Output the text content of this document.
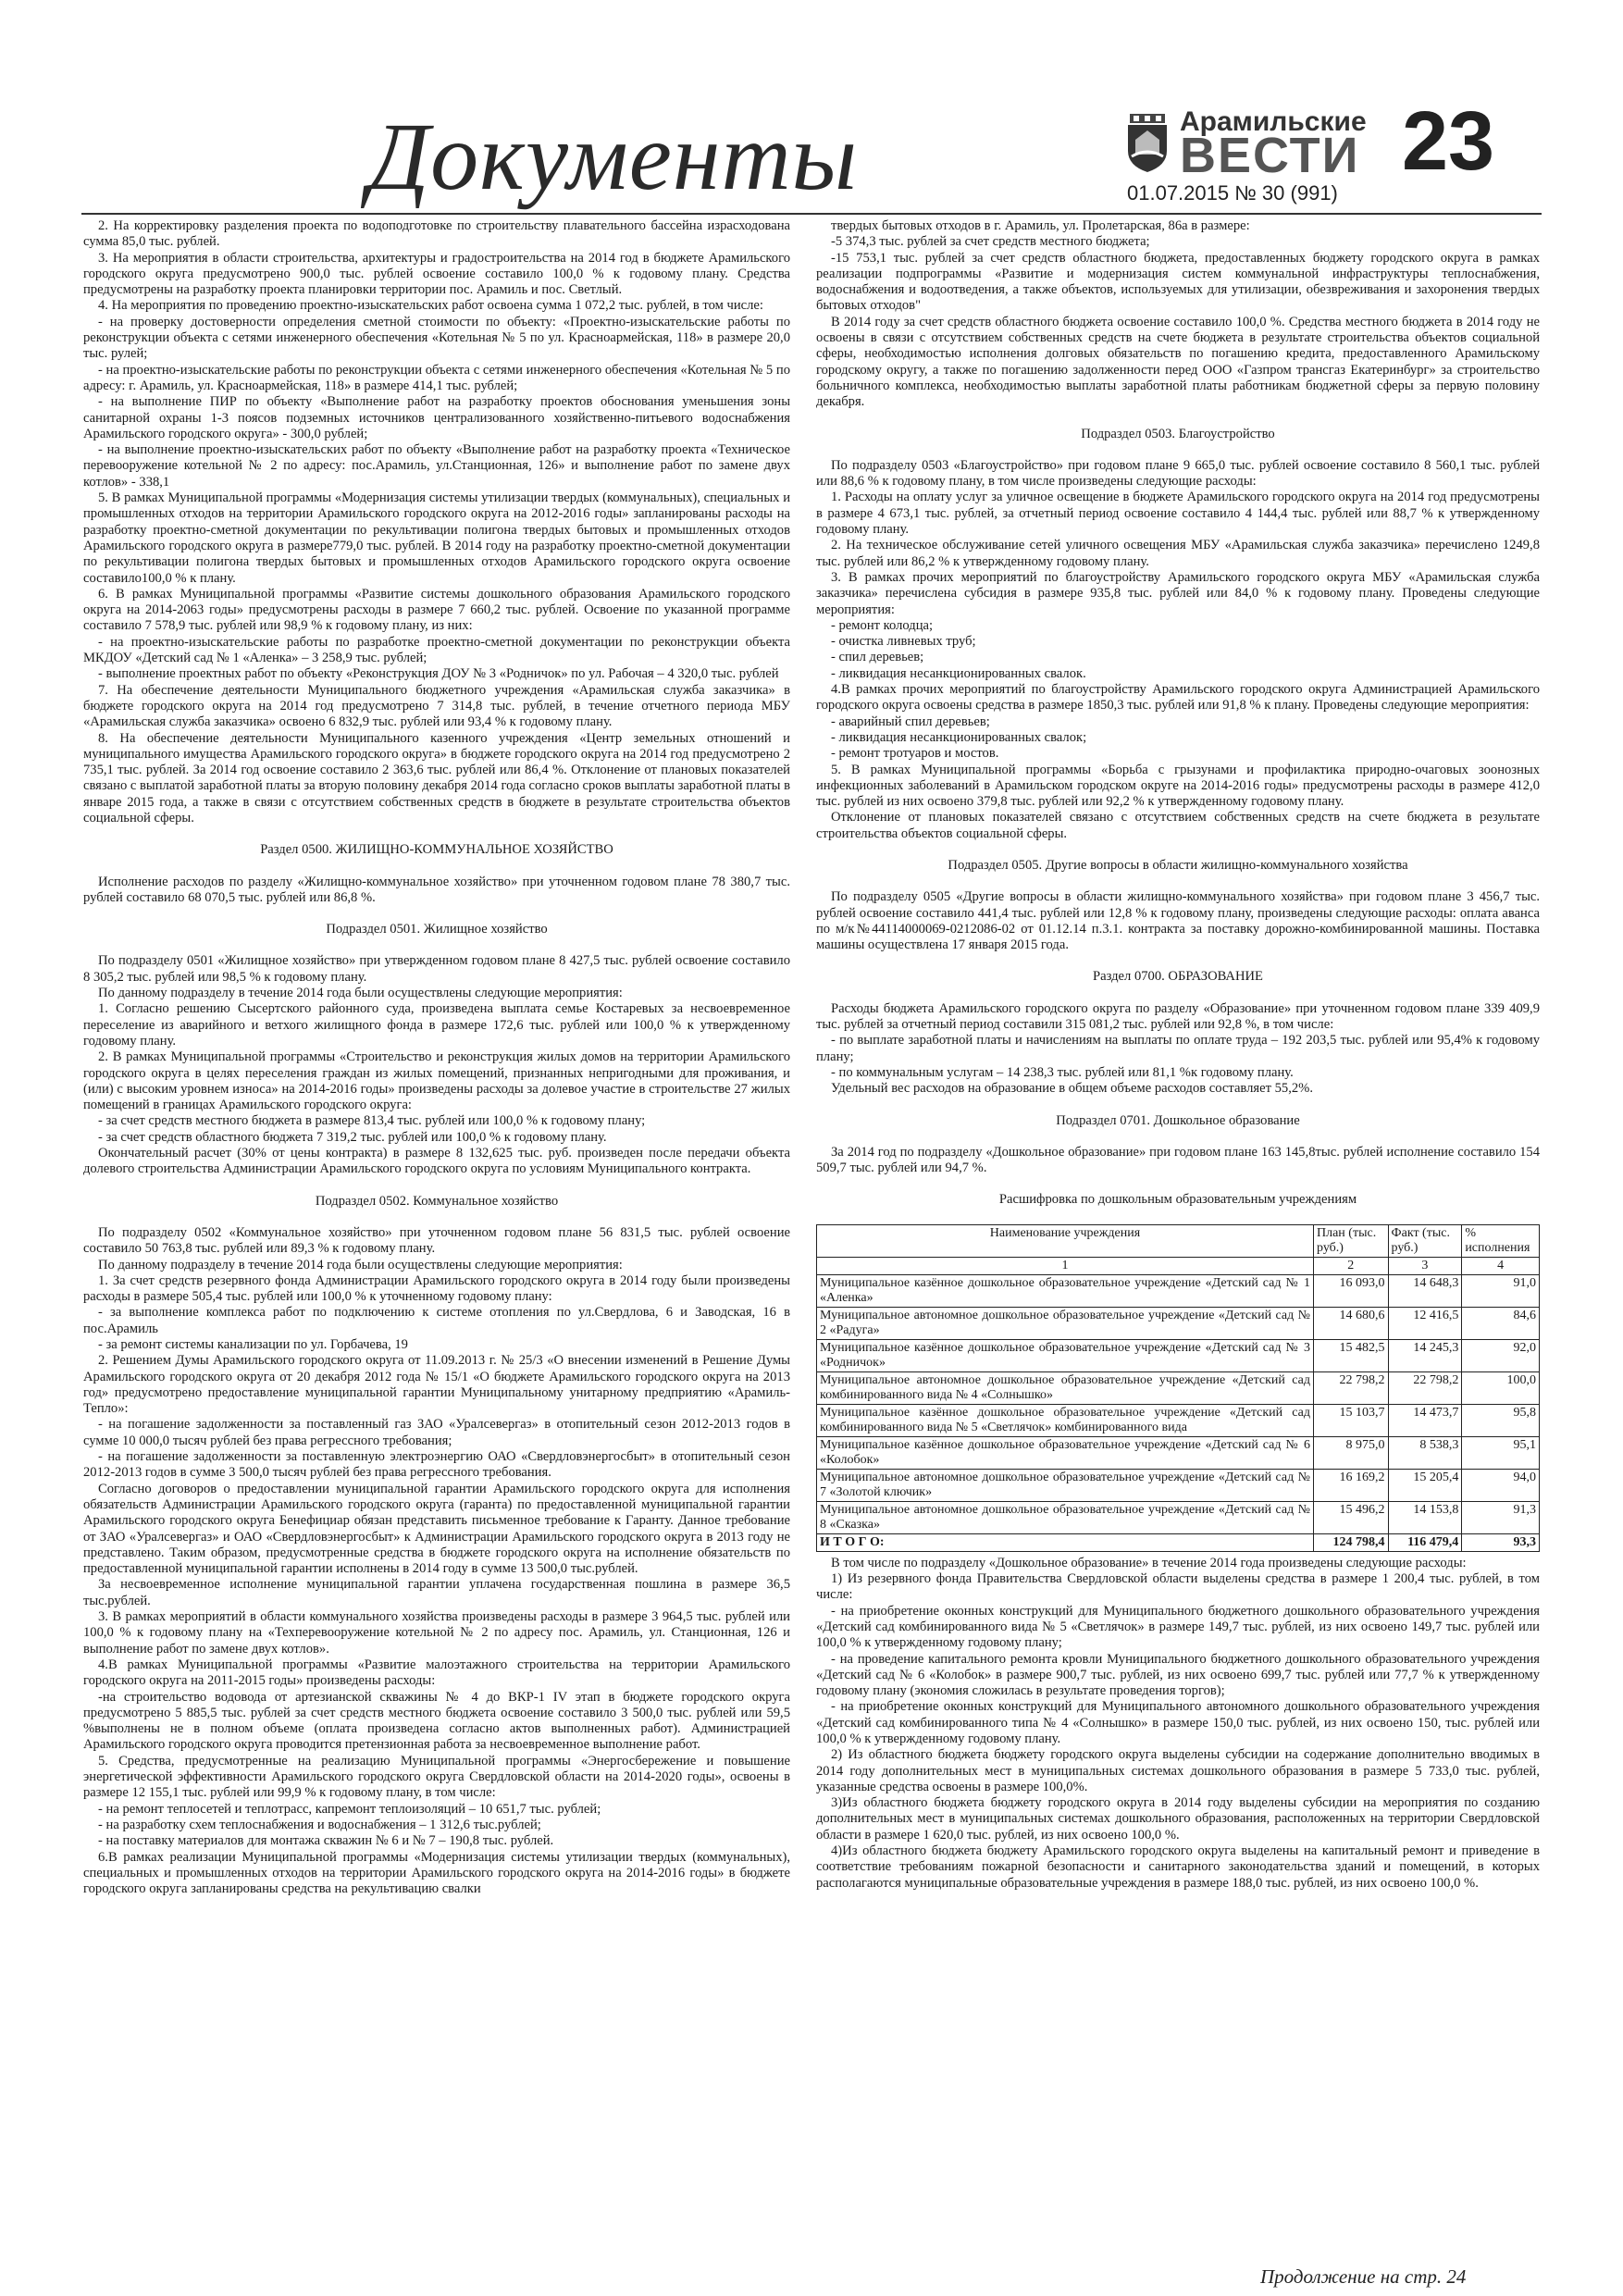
Документы	Арамильские
ВЕСТИ 23
01.07.2015 № 30 (991)

2. На корректировку разделения проекта по водоподготовке по строительству плавательного бассейна израсходована сумма 85,0 тыс. рублей.

3. На мероприятия в области строительства, архитектуры и градостроительства на 2014 год в бюджете Арамильского городского округа предусмотрено 900,0 тыс. рублей освоение составило 100,0 % к годовому плану. Средства предусмотрены на разработку проекта планировки территории пос. Арамиль и пос. Светлый.

4. На мероприятия по проведению проектно-изыскательских работ освоена сумма 1 072,2 тыс. рублей, в том числе:

- на проверку достоверности определения сметной стоимости по объекту: «Проектно-изыскательские работы по реконструкции объекта с сетями инженерного обеспечения «Котельная № 5 по ул. Красноармейская, 118» в размере 20,0 тыс. рулей;

- на проектно-изыскательские работы по реконструкции объекта с сетями инженерного обеспечения «Котельная № 5 по адресу: г. Арамиль, ул. Красноармейская, 118» в размере 414,1 тыс. рублей;

- на выполнение ПИР по объекту «Выполнение работ на разработку проектов обоснования уменьшения зоны санитарной охраны 1-3 поясов подземных источников централизованного хозяйственно-питьевого водоснабжения Арамильского городского округа» - 300,0 рублей;

- на выполнение проектно-изыскательских работ по объекту «Выполнение работ на разработку проекта «Техническое перевооружение котельной № 2 по адресу: пос.Арамиль, ул.Станционная, 126» и выполнение работ по замене двух котлов» - 338,1

5. В рамках Муниципальной программы «Модернизация системы утилизации твердых (коммунальных), специальных и промышленных отходов на территории Арамильского городского округа на 2012-2016 годы» запланированы расходы на разработку проектно-сметной документации по рекультивации полигона твердых бытовых и промышленных отходов Арамильского городского округа в размере779,0 тыс. рублей. В 2014 году на разработку проектно-сметной документации по рекультивации полигона твердых бытовых и промышленных отходов Арамильского городского округа освоение составило100,0 % к плану.

6. В рамках Муниципальной программы «Развитие системы дошкольного образования Арамильского городского округа на 2014-2063 годы» предусмотрены расходы в размере 7 660,2 тыс. рублей. Освоение по указанной программе составило 7 578,9 тыс. рублей или 98,9 % к годовому плану, из них:

- на проектно-изыскательские работы по разработке проектно-сметной документации по реконструкции объекта МКДОУ «Детский сад № 1 «Аленка» – 3 258,9 тыс. рублей;

- выполнение проектных работ по объекту «Реконструкция ДОУ № 3 «Родничок» по ул. Рабочая – 4 320,0 тыс. рублей

7. На обеспечение деятельности Муниципального бюджетного учреждения «Арамильская служба заказчика» в бюджете городского округа на 2014 год предусмотрено 7 314,8 тыс. рублей, в течение отчетного периода МБУ «Арамильская служба заказчика» освоено 6 832,9 тыс. рублей или 93,4 % к годовому плану.

8. На обеспечение деятельности Муниципального казенного учреждения «Центр земельных отношений и муниципального имущества Арамильского городского округа» в бюджете городского округа на 2014 год предусмотрено 2 735,1 тыс. рублей. За 2014 год освоение составило 2 363,6 тыс. рублей или 86,4 %. Отклонение от плановых показателей связано с выплатой заработной платы за вторую половину декабря 2014 года согласно сроков выплаты заработной платы в январе 2015 года, а также в связи с отсутствием собственных средств в бюджете в результате строительства объектов социальной сферы.

Раздел 0500. ЖИЛИЩНО-КОММУНАЛЬНОЕ ХОЗЯЙСТВО

Исполнение расходов по разделу «Жилищно-коммунальное хозяйство» при уточненном годовом плане 78 380,7 тыс. рублей составило 68 070,5 тыс. рублей или 86,8 %.

Подраздел 0501. Жилищное хозяйство

По подразделу 0501 «Жилищное хозяйство» при утвержденном годовом плане 8 427,5 тыс. рублей освоение составило 8 305,2 тыс. рублей или 98,5 % к годовому плану.

По данному подразделу в течение 2014 года были осуществлены следующие мероприятия:

1. Согласно решению Сысертского районного суда, произведена выплата семье Костаревых за несвоевременное переселение из аварийного и ветхого жилищного фонда в размере 172,6 тыс. рублей или 100,0 % к утвержденному годовому плану.

2. В рамках Муниципальной программы «Строительство и реконструкция жилых домов на территории Арамильского городского округа в целях переселения граждан из жилых помещений, признанных непригодными для проживания, и (или) с высоким уровнем износа» на 2014-2016 годы» произведены расходы за долевое участие в строительстве 27 жилых помещений в границах Арамильского городского округа:

- за счет средств местного бюджета в размере 813,4 тыс. рублей или 100,0 % к годовому плану;

- за счет средств областного бюджета 7 319,2 тыс. рублей или 100,0 % к годовому плану.

Окончательный расчет (30% от цены контракта) в размере 8 132,625 тыс. руб. произведен после передачи объекта долевого строительства Администрации Арамильского городского округа по условиям Муниципального контракта.

Подраздел 0502. Коммунальное хозяйство

По подразделу 0502 «Коммунальное хозяйство» при уточненном годовом плане 56 831,5 тыс. рублей освоение составило 50 763,8 тыс. рублей или 89,3 % к годовому плану.

По данному подразделу в течение 2014 года были осуществлены следующие мероприятия:

1. За счет средств резервного фонда Администрации Арамильского городского округа в 2014 году были произведены расходы в размере 505,4 тыс. рублей или 100,0 % к уточненному годовому плану:

- за выполнение комплекса работ по подключению к системе отопления по ул.Свердлова, 6 и Заводская, 16 в пос.Арамиль

- за ремонт системы канализации по ул. Горбачева, 19

2. Решением Думы Арамильского городского округа от 11.09.2013 г. № 25/3 «О внесении изменений в Решение Думы Арамильского городского округа от 20 декабря 2012 года № 15/1 «О бюджете Арамильского городского округа на 2013 год» предусмотрено предоставление муниципальной гарантии Муниципальному унитарному предприятию «Арамиль-Тепло»:

- на погашение задолженности за поставленный газ ЗАО «Уралсевергаз» в отопительный сезон 2012-2013 годов в сумме 10 000,0 тысяч рублей без права регрессного требования;

- на погашение задолженности за поставленную электроэнергию ОАО «Свердловэнергосбыт» в отопительный сезон 2012-2013 годов в сумме 3 500,0 тысяч рублей без права регрессного требования.

Согласно договоров о предоставлении муниципальной гарантии Арамильского городского округа для исполнения обязательств Администрации Арамильского городского округа (гаранта) по предоставленной муниципальной гарантии Арамильского городского округа Бенефициар обязан представить письменное требование к Гаранту. Данное требование от ЗАО «Уралсевергаз» и ОАО «Свердловэнергосбыт» к Администрации Арамильского городского округа в 2013 году не представлено. Таким образом, предусмотренные средства в бюджете городского округа на исполнение обязательств по предоставленной муниципальной гарантии исполнены в 2014 году в сумме 13 500,0 тыс.рублей.

За несвоевременное исполнение муниципальной гарантии уплачена государственная пошлина в размере 36,5 тыс.рублей.

3. В рамках мероприятий в области коммунального хозяйства произведены расходы в размере 3 964,5 тыс. рублей или 100,0 % к годовому плану на «Техперевооружение котельной № 2 по адресу пос. Арамиль, ул. Станционная, 126 и выполнение работ по замене двух котлов».

4.В рамках Муниципальной программы «Развитие малоэтажного строительства на территории Арамильского городского округа на 2011-2015 годы» произведены расходы:

-на строительство водовода от артезианской скважины № 4 до ВКР-1 IV этап в бюджете городского округа предусмотрено 5 885,5 тыс. рублей за счет средств местного бюджета освоение составило 3 500,0 тыс. рублей или 59,5 %выполнены не в полном объеме (оплата произведена согласно актов выполненных работ). Администрацией Арамильского городского округа проводится претензионная работа за несвоевременное выполнение работ.

5. Средства, предусмотренные на реализацию Муниципальной программы «Энергосбережение и повышение энергетической эффективности Арамильского городского округа Свердловской области на 2014-2020 годы», освоены в размере 12 155,1 тыс. рублей или 99,9 % к годовому плану, в том числе:

- на ремонт теплосетей и теплотрасс, капремонт теплоизоляций – 10 651,7 тыс. рублей;

- на разработку схем теплоснабжения и водоснабжения – 1 312,6 тыс.рублей;

- на поставку материалов для монтажа скважин № 6 и № 7 – 190,8 тыс. рублей.

6.В рамках реализации Муниципальной программы «Модернизация системы утилизации твердых (коммунальных), специальных и промышленных отходов на территории Арамильского городского округа на 2014-2016 годы» в бюджете городского округа запланированы средства на рекультивацию свалки

твердых бытовых отходов в г. Арамиль, ул. Пролетарская, 86а в размере:

-5 374,3 тыс. рублей за счет средств местного бюджета;

-15 753,1 тыс. рублей за счет средств областного бюджета, предоставленных бюджету городского округа в рамках реализации подпрограммы «Развитие и модернизация систем коммунальной инфраструктуры теплоснабжения, водоснабжения и водоотведения, а также объектов, используемых для утилизации, обезвреживания и захоронения твердых бытовых отходов"

В 2014 году за счет средств областного бюджета освоение составило 100,0 %. Средства местного бюджета в 2014 году не освоены в связи с отсутствием собственных средств на счете бюджета в результате строительства объектов социальной сферы, необходимостью исполнения долговых обязательств по погашению кредита, предоставленного Арамильскому городскому округу, а также по погашению задолженности перед ООО «Газпром трансгаз Екатеринбург» за строительство больничного комплекса, необходимостью выплаты заработной платы работникам бюджетной сферы за первую половину декабря.

Подраздел 0503. Благоустройство

По подразделу 0503 «Благоустройство» при годовом плане 9 665,0 тыс. рублей освоение составило 8 560,1 тыс. рублей или 88,6 % к годовому плану, в том числе произведены следующие расходы:

1. Расходы на оплату услуг за уличное освещение в бюджете Арамильского городского округа на 2014 год предусмотрены в размере 4 673,1 тыс. рублей, за отчетный период освоение составило 4 144,4 тыс. рублей или 88,7 % к утвержденному годовому плану.

2. На техническое обслуживание сетей уличного освещения МБУ «Арамильская служба заказчика» перечислено 1249,8 тыс. рублей или 86,2 % к утвержденному годовому плану.

3. В рамках прочих мероприятий по благоустройству Арамильского городского округа МБУ «Арамильская служба заказчика» перечислена субсидия в размере 935,8 тыс. рублей или 84,0 % к годовому плану. Проведены следующие мероприятия:

- ремонт колодца;

- очистка ливневых труб;

- спил деревьев;

- ликвидация несанкционированных свалок.

4.В рамках прочих мероприятий по благоустройству Арамильского городского округа Администрацией Арамильского городского округа освоены средства в размере 1850,3 тыс. рублей или 91,8 % к плану. Проведены следующие мероприятия:

- аварийный спил деревьев;

- ликвидация несанкционированных свалок;

- ремонт тротуаров и мостов.

5. В рамках Муниципальной программы «Борьба с грызунами и профилактика природно-очаговых зоонозных инфекционных заболеваний в Арамильском городском округе на 2014-2016 годы» предусмотрены расходы в размере 412,0 тыс. рублей из них освоено 379,8 тыс. рублей или 92,2 % к утвержденному годовому плану.

Отклонение от плановых показателей связано с отсутствием собственных средств на счете бюджета в результате строительства объектов социальной сферы.

Подраздел 0505. Другие вопросы в области жилищно-коммунального хозяйства

По подразделу 0505 «Другие вопросы в области жилищно-коммунального хозяйства» при годовом плане 3 456,7 тыс. рублей освоение составило 441,4 тыс. рублей или 12,8 % к годовому плану, произведены следующие расходы: оплата аванса по м/к№44114000069-0212086-02 от 01.12.14 п.3.1. контракта за поставку дорожно-комбинированной машины. Поставка машины осуществлена 17 января 2015 года.

Раздел 0700. ОБРАЗОВАНИЕ

Расходы бюджета Арамильского городского округа по разделу «Образование» при уточненном годовом плане 339 409,9 тыс. рублей за отчетный период составили 315 081,2 тыс. рублей или 92,8 %, в том числе:

- по выплате заработной платы и начислениям на выплаты по оплате труда – 192 203,5 тыс. рублей или 95,4% к годовому плану;

- по коммунальным услугам – 14 238,3 тыс. рублей или 81,1 %к годовому плану.

Удельный вес расходов на образование в общем объеме расходов составляет 55,2%.

Подраздел 0701. Дошкольное образование

За 2014 год по подразделу «Дошкольное образование» при годовом плане 163 145,8тыс. рублей исполнение составило 154 509,7 тыс. рублей или 94,7 %.

Расшифровка по дошкольным образовательным учреждениям

Наименование учреждения	План (тыс. руб.)	Факт (тыс. руб.)	% исполнения
1	2	3	4
Муниципальное казённое дошкольное образовательное учреждение «Детский сад № 1 «Аленка»	16 093,0	14 648,3	91,0
Муниципальное автономное дошкольное образовательное учреждение «Детский сад № 2 «Радуга»	14 680,6	12 416,5	84,6
Муниципальное казённое дошкольное образовательное учреждение «Детский сад № 3 «Родничок»	15 482,5	14 245,3	92,0
Муниципальное автономное дошкольное образовательное учреждение «Детский сад комбинированного вида № 4 «Солнышко»	22 798,2	22 798,2	100,0
Муниципальное казённое дошкольное образовательное учреждение «Детский сад комбинированного вида № 5 «Светлячок» комбинированного вида	15 103,7	14 473,7	95,8
Муниципальное казённое дошкольное образовательное учреждение «Детский сад № 6 «Колобок»	8 975,0	8 538,3	95,1
Муниципальное автономное дошкольное образовательное учреждение «Детский сад № 7 «Золотой ключик»	16 169,2	15 205,4	94,0
Муниципальное автономное дошкольное образовательное учреждение «Детский сад № 8 «Сказка»	15 496,2	14 153,8	91,3
И Т О Г О:	124 798,4	116 479,4	93,3

В том числе по подразделу «Дошкольное образование» в течение 2014 года произведены следующие расходы:

1) Из резервного фонда Правительства Свердловской области выделены средства в размере 1 200,4 тыс. рублей, в том числе:

- на приобретение оконных конструкций для Муниципального бюджетного дошкольного образовательного учреждения «Детский сад комбинированного вида № 5 «Светлячок» в размере 149,7 тыс. рублей, из них освоено 149,7 тыс. рублей или 100,0 % к утвержденному годовому плану;

- на проведение капитального ремонта кровли Муниципального бюджетного дошкольного образовательного учреждения «Детский сад № 6 «Колобок» в размере 900,7 тыс. рублей, из них освоено 699,7 тыс. рублей или 77,7 % к утвержденному годовому плану (экономия сложилась в результате проведения торгов);

- на приобретение оконных конструкций для Муниципального автономного дошкольного образовательного учреждения «Детский сад комбинированного типа № 4 «Солнышко» в размере 150,0 тыс. рублей, из них освоено 150, тыс. рублей или 100,0 % к утвержденному годовому плану.

2) Из областного бюджета бюджету городского округа выделены субсидии на содержание дополнительно вводимых в 2014 году дополнительных мест в муниципальных системах дошкольного образования в размере 5 733,0 тыс. рублей, указанные средства освоены в размере 100,0%.

3)Из областного бюджета бюджету городского округа в 2014 году выделены субсидии на мероприятия по созданию дополнительных мест в муниципальных системах дошкольного образования, расположенных на территории Свердловской области в размере 1 620,0 тыс. рублей, из них освоено 100,0 %.

4)Из областного бюджета бюджету Арамильского городского округа выделены на капитальный ремонт и приведение в соответствие требованиям пожарной безопасности и санитарного законодательства зданий и помещений, в которых располагаются муниципальные образовательные учреждения в размере 188,0 тыс. рублей, из них освоено 100,0 %.

Продолжение на стр. 24
